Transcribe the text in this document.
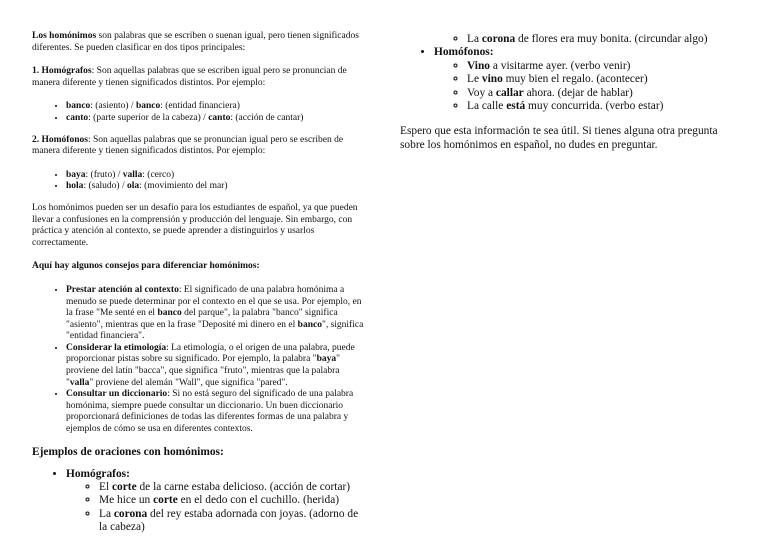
Los homónimos son palabras que se escriben o suenan igual, pero tienen significados diferentes. Se pueden clasificar en dos tipos principales:

1. Homógrafos: Son aquellas palabras que se escriben igual pero se pronuncian de manera diferente y tienen significados distintos. Por ejemplo:

• banco: (asiento) / banco: (entidad financiera)
• canto: (parte superior de la cabeza) / canto: (acción de cantar)

2. Homófonos: Son aquellas palabras que se pronuncian igual pero se escriben de manera diferente y tienen significados distintos. Por ejemplo:

• baya: (fruto) / valla: (cerco)
• hola: (saludo) / ola: (movimiento del mar)

Los homónimos pueden ser un desafío para los estudiantes de español, ya que pueden llevar a confusiones en la comprensión y producción del lenguaje. Sin embargo, con práctica y atención al contexto, se puede aprender a distinguirlos y usarlos correctamente.

Aquí hay algunos consejos para diferenciar homónimos:

• Prestar atención al contexto: El significado de una palabra homónima a menudo se puede determinar por el contexto en el que se usa. Por ejemplo, en la frase "Me senté en el banco del parque", la palabra "banco" significa "asiento", mientras que en la frase "Deposité mi dinero en el banco", significa "entidad financiera".
• Considerar la etimología: La etimología, o el origen de una palabra, puede proporcionar pistas sobre su significado. Por ejemplo, la palabra "baya" proviene del latín "bacca", que significa "fruto", mientras que la palabra "valla" proviene del alemán "Wall", que significa "pared".
• Consultar un diccionario: Si no está seguro del significado de una palabra homónima, siempre puede consultar un diccionario. Un buen diccionario proporcionará definiciones de todas las diferentes formas de una palabra y ejemplos de cómo se usa en diferentes contextos.
Ejemplos de oraciones con homónimos:
• Homógrafos:
◦ El corte de la carne estaba delicioso. (acción de cortar)
◦ Me hice un corte en el dedo con el cuchillo. (herida)
◦ La corona del rey estaba adornada con joyas. (adorno de la cabeza)
◦ La corona de flores era muy bonita. (circundar algo)
• Homófonos:
◦ Vino a visitarme ayer. (verbo venir)
◦ Le vino muy bien el regalo. (acontecer)
◦ Voy a callar ahora. (dejar de hablar)
◦ La calle está muy concurrida. (verbo estar)

Espero que esta información te sea útil. Si tienes alguna otra pregunta sobre los homónimos en español, no dudes en preguntar.
